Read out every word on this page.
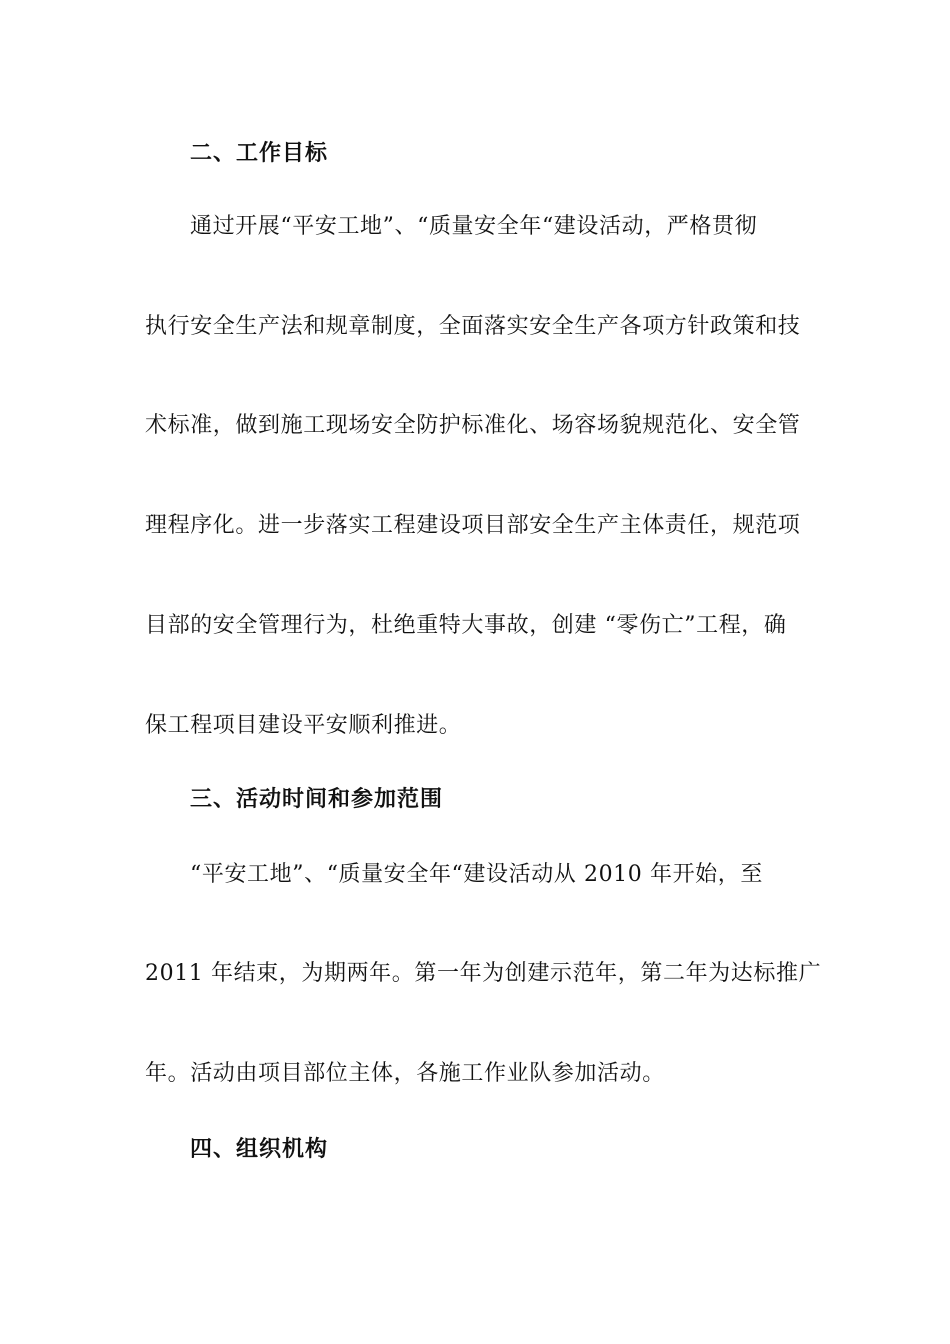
二、工作目标
通过开展“平安工地”、“质量安全年“建设活动，严格贯彻
执行安全生产法和规章制度，全面落实安全生产各项方针政策和技
术标准，做到施工现场安全防护标准化、场容场貌规范化、安全管
理程序化。进一步落实工程建设项目部安全生产主体责任，规范项
目部的安全管理行为，杜绝重特大事故，创建 “零伤亡”工程，确
保工程项目建设平安顺利推进。
三、活动时间和参加范围
“平安工地”、“质量安全年“建设活动从 2010 年开始，至
2011 年结束，为期两年。第一年为创建示范年，第二年为达标推广
年。活动由项目部位主体，各施工作业队参加活动。
四、组织机构
